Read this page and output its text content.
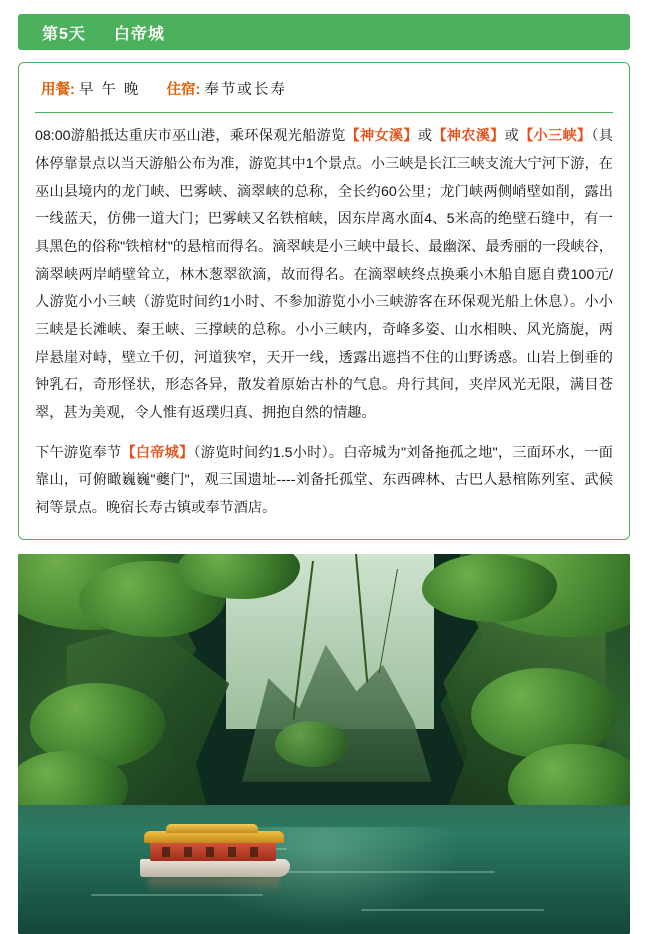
第5天	白帝城
用餐: 早 午 晚 住宿: 奉节或长寿
08:00游船抵达重庆市巫山港，乘环保观光船游览【神女溪】或【神农溪】或【小三峡】（具体停靠景点以当天游船公布为准，游览其中1个景点。小三峡是长江三峡支流大宁河下游，在巫山县境内的龙门峡、巴雾峡、滴翠峡的总称，全长约60公里；龙门峡两侧峭壁如削，露出一线蓝天，仿佛一道大门；巴雾峡又名铁棺峡，因东岸离水面4、5米高的绝壁石缝中，有一具黑色的俗称"铁棺材"的悬棺而得名。滴翠峡是小三峡中最长、最幽深、最秀丽的一段峡谷，滴翠峡两岸峭壁耸立，林木葱翠欲滴，故而得名。在滴翠峡终点换乘小木船自愿自费100元/人游览小小三峡（游览时间约1小时、不参加游览小小三峡游客在环保观光船上休息）。小小三峡是长滩峡、秦王峡、三撑峡的总称。小小三峡内，奇峰多姿、山水相映、风光旖旎，两岸悬崖对峙，壁立千仞，河道狭窄，天开一线，透露出遮挡不住的山野诱惑。山岩上倒垂的钟乳石，奇形怪状，形态各异，散发着原始古朴的气息。舟行其间，夹岸风光无限，满目苍翠，甚为美观，令人惟有返璞归真、拥抱自然的情趣。
下午游览奉节【白帝城】（游览时间约1.5小时）。白帝城为"刘备拖孤之地"，三面环水，一面靠山，可俯瞰巍巍"夔门"，观三国遗址----刘备托孤堂、东西碑林、古巴人悬棺陈列室、武候祠等景点。晚宿长寿古镇或奉节酒店。
